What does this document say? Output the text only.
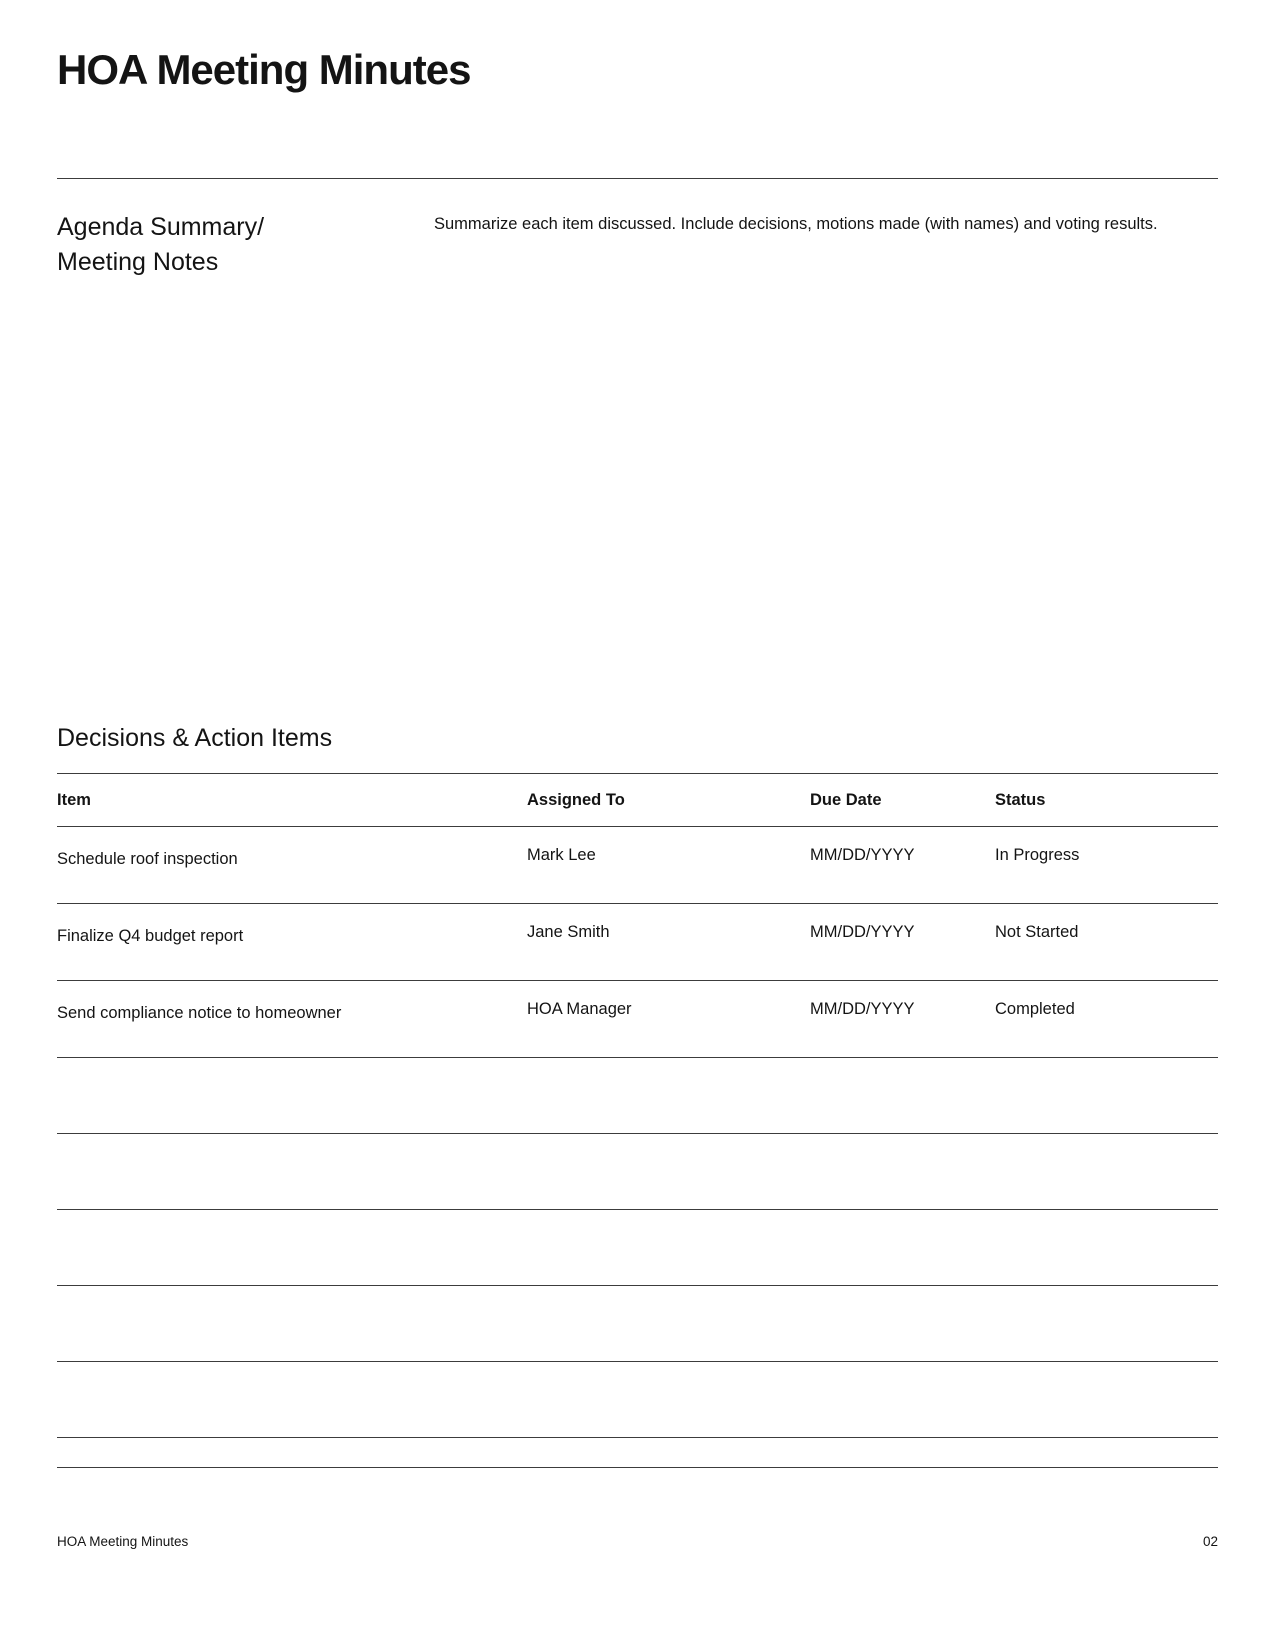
HOA Meeting Minutes
Agenda Summary/
Meeting Notes
Summarize each item discussed. Include decisions, motions made (with names) and voting results.
Decisions & Action Items
Item	Assigned To	Due Date	Status
Schedule roof inspection	Mark Lee	MM/DD/YYYY	In Progress
Finalize Q4 budget report	Jane Smith	MM/DD/YYYY	Not Started
Send compliance notice to homeowner	HOA Manager	MM/DD/YYYY	Completed
HOA Meeting Minutes	02
